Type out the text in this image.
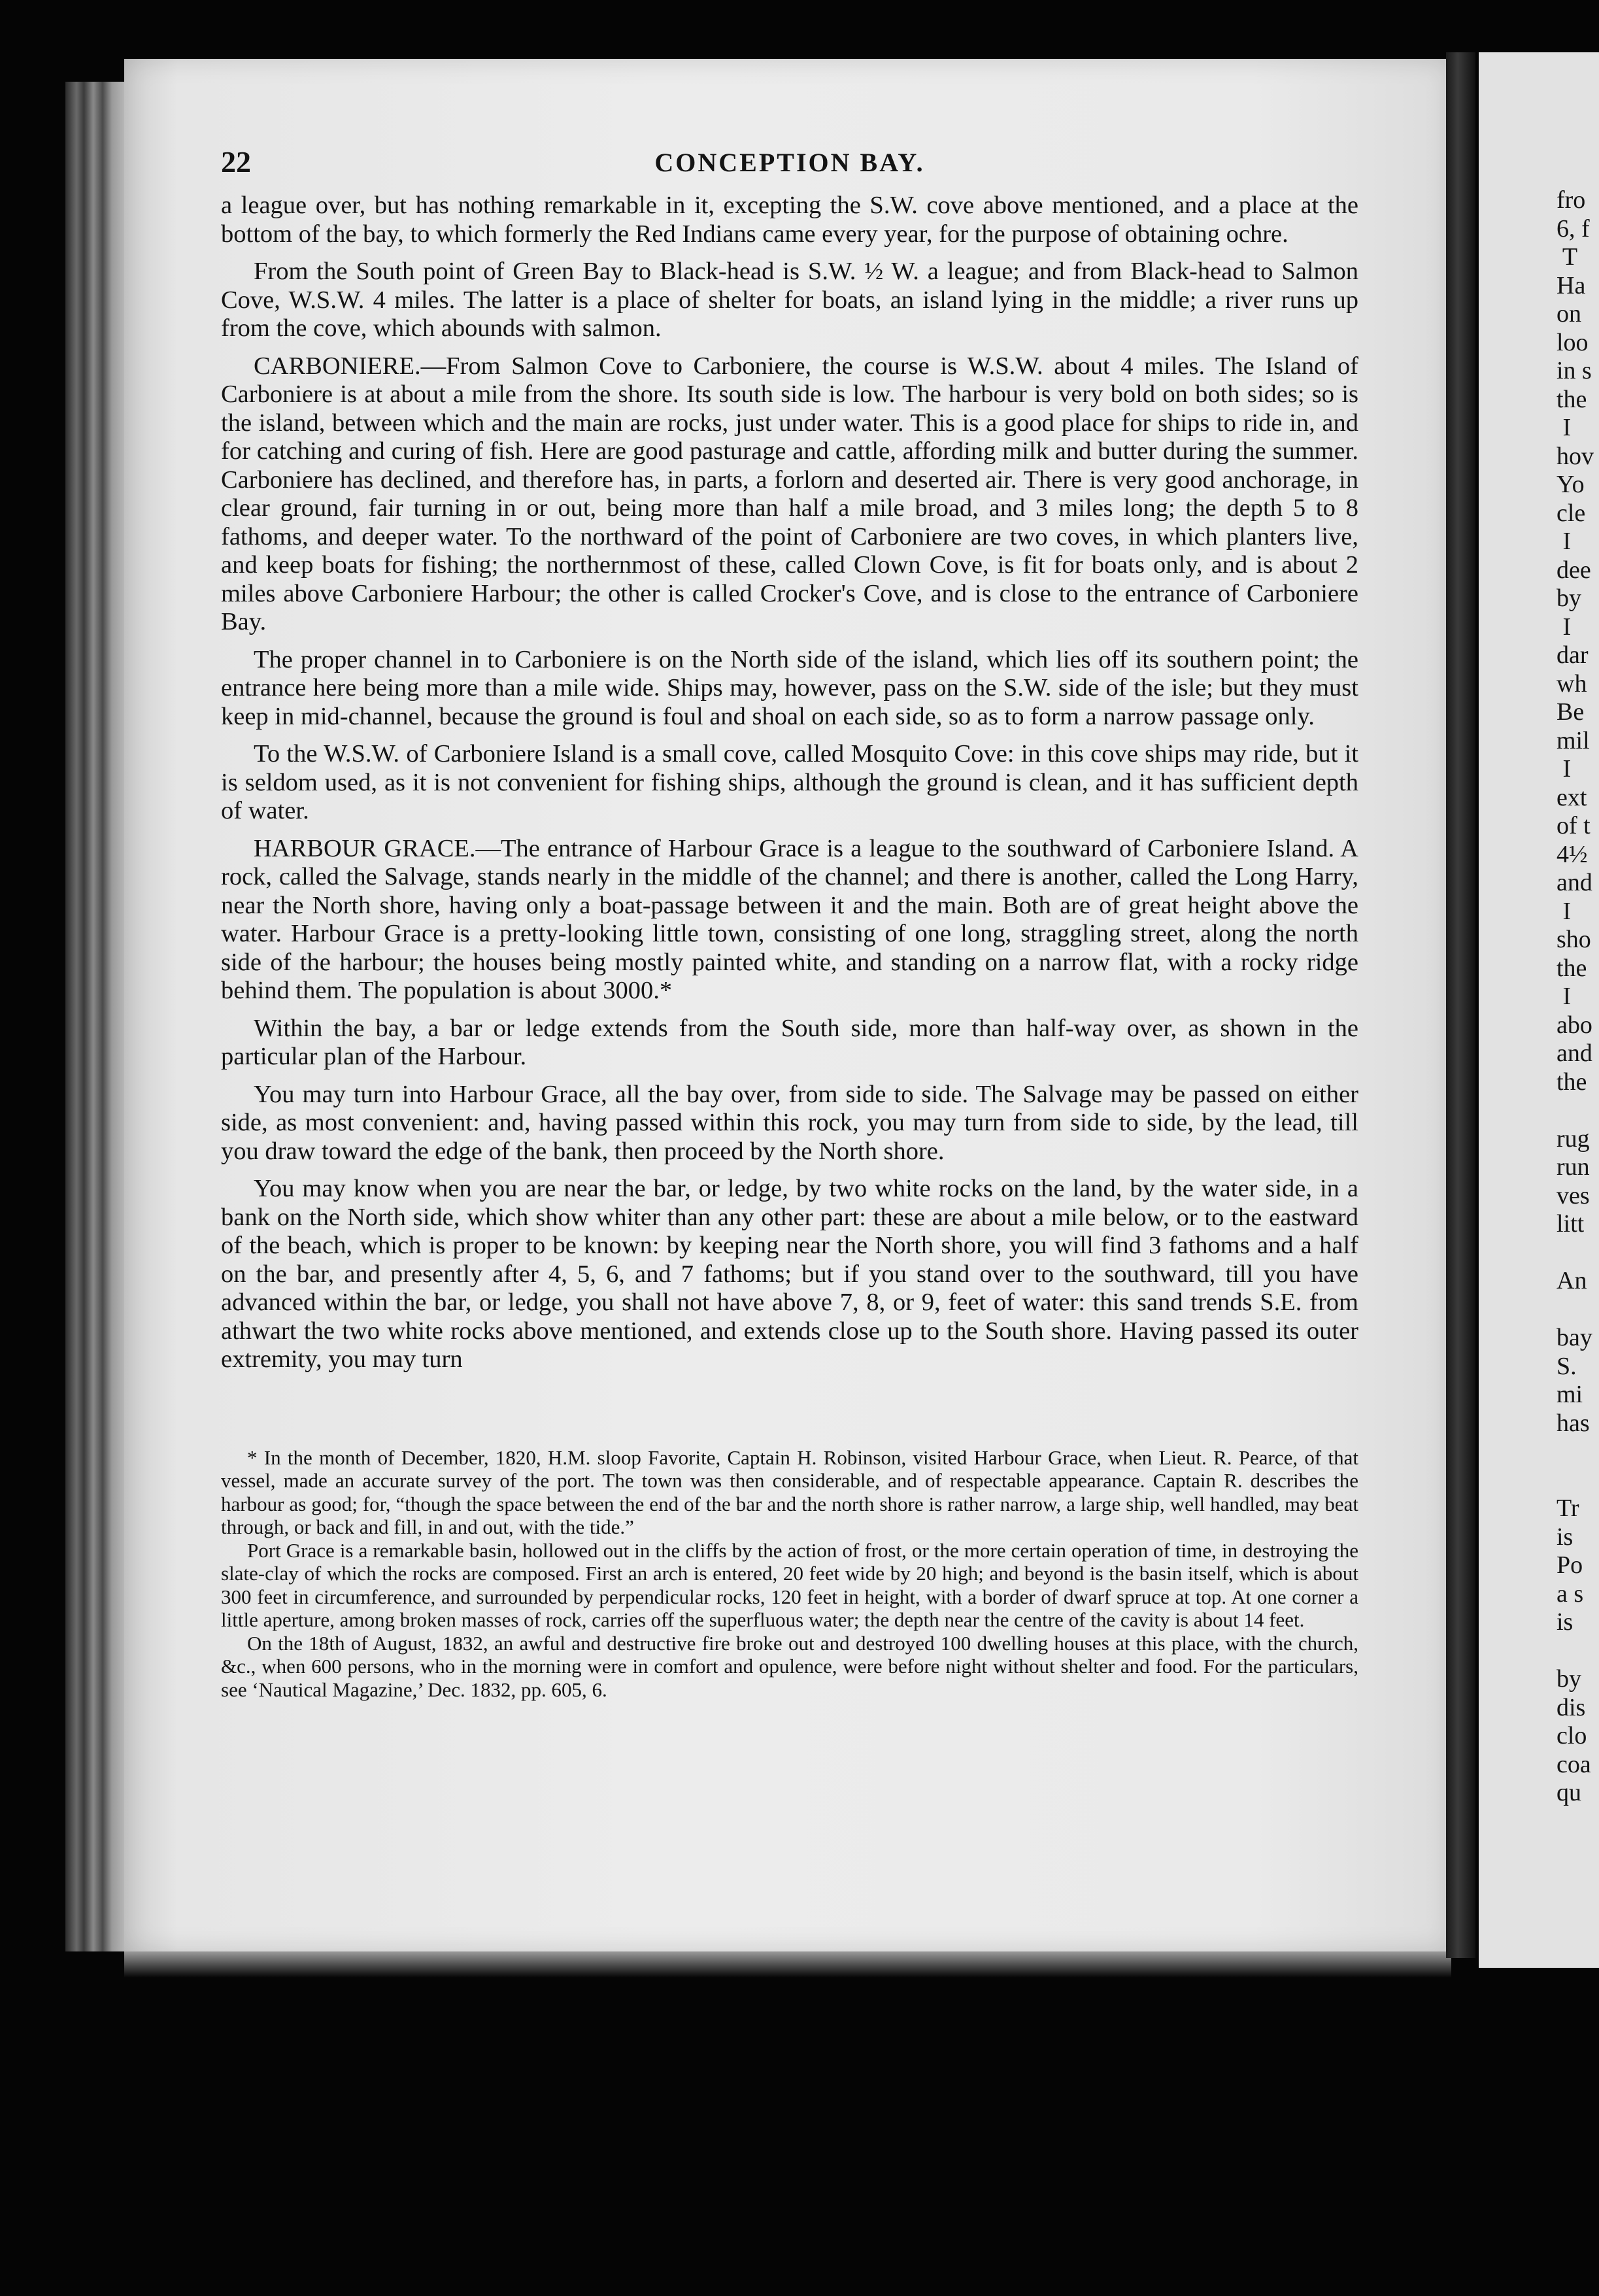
fro
6, f
T
Ha
on
loo
in s
the
I
hov
Yo
cle
I
dee
by
I
dar
wh
Be
mil
I
ext
of t
4½
and
I
sho
the
I
abo
and
the

rug
run
ves
litt

An

bay
S.
mi
has

Tr
is
Po
a s
is

by
dis
clo
coa
qu
22	CONCEPTION BAY.

a league over, but has nothing remarkable in it, excepting the S.W. cove above mentioned, and a place at the bottom of the bay, to which formerly the Red Indians came every year, for the purpose of obtaining ochre.

From the South point of Green Bay to Black-head is S.W. ½ W. a league; and from Black-head to Salmon Cove, W.S.W. 4 miles. The latter is a place of shelter for boats, an island lying in the middle; a river runs up from the cove, which abounds with salmon.

CARBONIERE.—From Salmon Cove to Carboniere, the course is W.S.W. about 4 miles. The Island of Carboniere is at about a mile from the shore. Its south side is low. The harbour is very bold on both sides; so is the island, between which and the main are rocks, just under water. This is a good place for ships to ride in, and for catching and curing of fish. Here are good pasturage and cattle, affording milk and butter during the summer. Carboniere has declined, and therefore has, in parts, a forlorn and deserted air. There is very good anchorage, in clear ground, fair turning in or out, being more than half a mile broad, and 3 miles long; the depth 5 to 8 fathoms, and deeper water. To the northward of the point of Carboniere are two coves, in which planters live, and keep boats for fishing; the northernmost of these, called Clown Cove, is fit for boats only, and is about 2 miles above Carboniere Harbour; the other is called Crocker's Cove, and is close to the entrance of Carboniere Bay.

The proper channel in to Carboniere is on the North side of the island, which lies off its southern point; the entrance here being more than a mile wide. Ships may, however, pass on the S.W. side of the isle; but they must keep in mid-channel, because the ground is foul and shoal on each side, so as to form a narrow passage only.

To the W.S.W. of Carboniere Island is a small cove, called Mosquito Cove: in this cove ships may ride, but it is seldom used, as it is not convenient for fishing ships, although the ground is clean, and it has sufficient depth of water.

HARBOUR GRACE.—The entrance of Harbour Grace is a league to the southward of Carboniere Island. A rock, called the Salvage, stands nearly in the middle of the channel; and there is another, called the Long Harry, near the North shore, having only a boat-passage between it and the main. Both are of great height above the water. Harbour Grace is a pretty-looking little town, consisting of one long, straggling street, along the north side of the harbour; the houses being mostly painted white, and standing on a narrow flat, with a rocky ridge behind them. The population is about 3000.*

Within the bay, a bar or ledge extends from the South side, more than half-way over, as shown in the particular plan of the Harbour.

You may turn into Harbour Grace, all the bay over, from side to side. The Salvage may be passed on either side, as most convenient: and, having passed within this rock, you may turn from side to side, by the lead, till you draw toward the edge of the bank, then proceed by the North shore.

You may know when you are near the bar, or ledge, by two white rocks on the land, by the water side, in a bank on the North side, which show whiter than any other part: these are about a mile below, or to the eastward of the beach, which is proper to be known: by keeping near the North shore, you will find 3 fathoms and a half on the bar, and presently after 4, 5, 6, and 7 fathoms; but if you stand over to the southward, till you have advanced within the bar, or ledge, you shall not have above 7, 8, or 9, feet of water: this sand trends S.E. from athwart the two white rocks above mentioned, and extends close up to the South shore. Having passed its outer extremity, you may turn

* In the month of December, 1820, H.M. sloop Favorite, Captain H. Robinson, visited Harbour Grace, when Lieut. R. Pearce, of that vessel, made an accurate survey of the port. The town was then considerable, and of respectable appearance. Captain R. describes the harbour as good; for, “though the space between the end of the bar and the north shore is rather narrow, a large ship, well handled, may beat through, or back and fill, in and out, with the tide.”

Port Grace is a remarkable basin, hollowed out in the cliffs by the action of frost, or the more certain operation of time, in destroying the slate-clay of which the rocks are composed. First an arch is entered, 20 feet wide by 20 high; and beyond is the basin itself, which is about 300 feet in circumference, and surrounded by perpendicular rocks, 120 feet in height, with a border of dwarf spruce at top. At one corner a little aperture, among broken masses of rock, carries off the superfluous water; the depth near the centre of the cavity is about 14 feet.

On the 18th of August, 1832, an awful and destructive fire broke out and destroyed 100 dwelling houses at this place, with the church, &c., when 600 persons, who in the morning were in comfort and opulence, were before night without shelter and food. For the particulars, see ‘Nautical Magazine,’ Dec. 1832, pp. 605, 6.
